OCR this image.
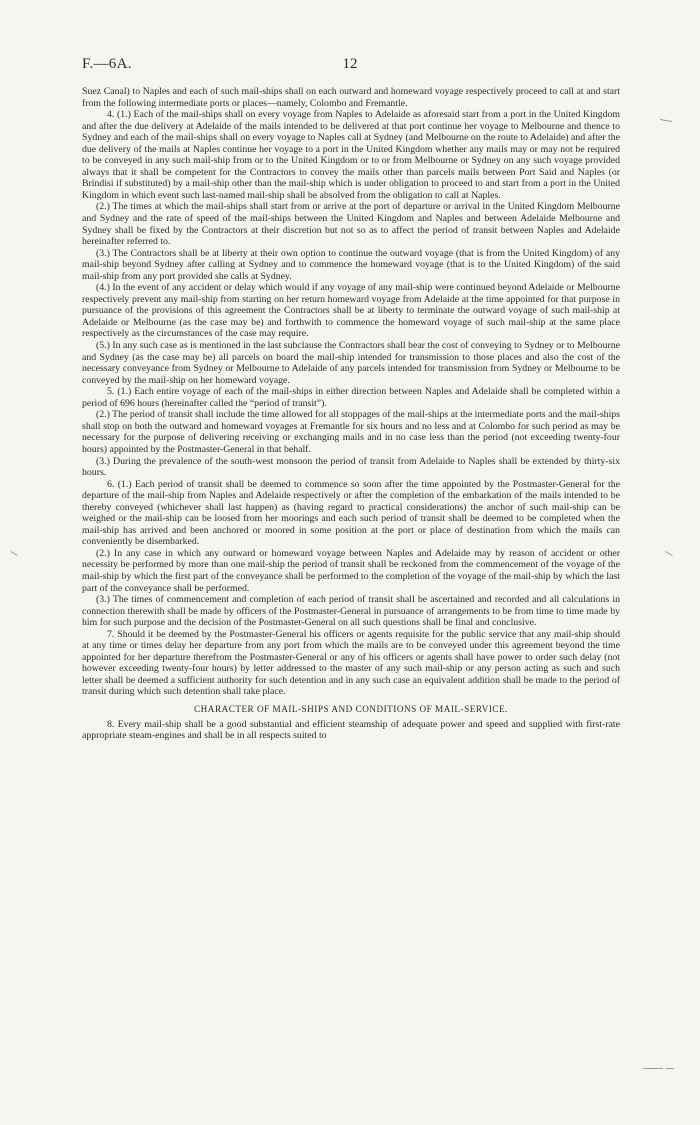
F.—6A.	12

Suez Canal) to Naples and each of such mail-ships shall on each outward and homeward voyage respectively proceed to call at and start from the following intermediate ports or places—namely, Colombo and Fremantle.

4. (1.) Each of the mail-ships shall on every voyage from Naples to Adelaide as aforesaid start from a port in the United Kingdom and after the due delivery at Adelaide of the mails intended to be delivered at that port continue her voyage to Melbourne and thence to Sydney and each of the mail-ships shall on every voyage to Naples call at Sydney (and Melbourne on the route to Adelaide) and after the due delivery of the mails at Naples continue her voyage to a port in the United Kingdom whether any mails may or may not be required to be conveyed in any such mail-ship from or to the United Kingdom or to or from Melbourne or Sydney on any such voyage provided always that it shall be competent for the Contractors to convey the mails other than parcels mails between Port Said and Naples (or Brindisi if substituted) by a mail-ship other than the mail-ship which is under obligation to proceed to and start from a port in the United Kingdom in which event such last-named mail-ship shall be absolved from the obligation to call at Naples.

(2.) The times at which the mail-ships shall start from or arrive at the port of departure or arrival in the United Kingdom Melbourne and Sydney and the rate of speed of the mail-ships between the United Kingdom and Naples and between Adelaide Melbourne and Sydney shall be fixed by the Contractors at their discretion but not so as to affect the period of transit between Naples and Adelaide hereinafter referred to.

(3.) The Contractors shall be at liberty at their own option to continue the outward voyage (that is from the United Kingdom) of any mail-ship beyond Sydney after calling at Sydney and to commence the homeward voyage (that is to the United Kingdom) of the said mail-ship from any port provided she calls at Sydney.

(4.) In the event of any accident or delay which would if any voyage of any mail-ship were continued beyond Adelaide or Melbourne respectively prevent any mail-ship from starting on her return homeward voyage from Adelaide at the time appointed for that purpose in pursuance of the provisions of this agreement the Contractors shall be at liberty to terminate the outward voyage of such mail-ship at Adelaide or Melbourne (as the case may be) and forthwith to commence the homeward voyage of such mail-ship at the same place respectively as the circumstances of the case may require.

(5.) In any such case as is mentioned in the last subclause the Contractors shall bear the cost of conveying to Sydney or to Melbourne and Sydney (as the case may be) all parcels on board the mail-ship intended for transmission to those places and also the cost of the necessary conveyance from Sydney or Melbourne to Adelaide of any parcels intended for transmission from Sydney or Melbourne to be conveyed by the mail-ship on her homeward voyage.

5. (1.) Each entire voyage of each of the mail-ships in either direction between Naples and Adelaide shall be completed within a period of 696 hours (hereinafter called the “period of transit”).

(2.) The period of transit shall include the time allowed for all stoppages of the mail-ships at the intermediate ports and the mail-ships shall stop on both the outward and homeward voyages at Fremantle for six hours and no less and at Colombo for such period as may be necessary for the purpose of delivering receiving or exchanging mails and in no case less than the period (not exceeding twenty-four hours) appointed by the Postmaster-General in that behalf.

(3.) During the prevalence of the south-west monsoon the period of transit from Adelaide to Naples shall be extended by thirty-six hours.

6. (1.) Each period of transit shall be deemed to commence so soon after the time appointed by the Postmaster-General for the departure of the mail-ship from Naples and Adelaide respectively or after the completion of the embarkation of the mails intended to be thereby conveyed (whichever shall last happen) as (having regard to practical considerations) the anchor of such mail-ship can be weighed or the mail-ship can be loosed from her moorings and each such period of transit shall be deemed to be completed when the mail-ship has arrived and been anchored or moored in some position at the port or place of destination from which the mails can conveniently be disembarked.

(2.) In any case in which any outward or homeward voyage between Naples and Adelaide may by reason of accident or other necessity be performed by more than one mail-ship the period of transit shall be reckoned from the commencement of the voyage of the mail-ship by which the first part of the conveyance shall be performed to the completion of the voyage of the mail-ship by which the last part of the conveyance shall be performed.

(3.) The times of commencement and completion of each period of transit shall be ascertained and recorded and all calculations in connection therewith shall be made by officers of the Postmaster-General in pursuance of arrangements to be from time to time made by him for such purpose and the decision of the Postmaster-General on all such questions shall be final and conclusive.

7. Should it be deemed by the Postmaster-General his officers or agents requisite for the public service that any mail-ship should at any time or times delay her departure from any port from which the mails are to be conveyed under this agreement beyond the time appointed for her departure therefrom the Postmaster-General or any of his officers or agents shall have power to order such delay (not however exceeding twenty-four hours) by letter addressed to the master of any such mail-ship or any person acting as such and such letter shall be deemed a sufficient authority for such detention and in any such case an equivalent addition shall be made to the period of transit during which such detention shall take place.

CHARACTER OF MAIL-SHIPS AND CONDITIONS OF MAIL-SERVICE.

8. Every mail-ship shall be a good substantial and efficient steamship of adequate power and speed and supplied with first-rate appropriate steam-engines and shall be in all respects suited to
